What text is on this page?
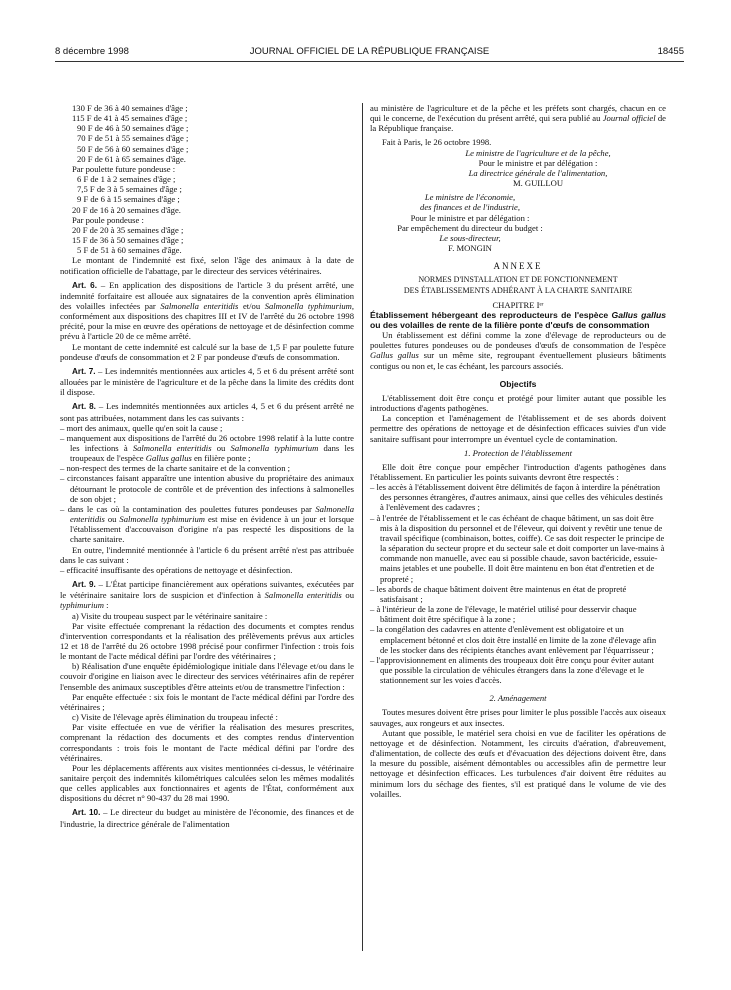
8 décembre 1998	JOURNAL OFFICIEL DE LA RÉPUBLIQUE FRANÇAISE	18455

130 F de 36 à 40 semaines d'âge ;

115 F de 41 à 45 semaines d'âge ;

90 F de 46 à 50 semaines d'âge ;

70 F de 51 à 55 semaines d'âge ;

50 F de 56 à 60 semaines d'âge ;

20 F de 61 à 65 semaines d'âge.

Par poulette future pondeuse :

6 F de 1 à 2 semaines d'âge ;

7,5 F de 3 à 5 semaines d'âge ;

9 F de 6 à 15 semaines d'âge ;

20 F de 16 à 20 semaines d'âge.

Par poule pondeuse :

20 F de 20 à 35 semaines d'âge ;

15 F de 36 à 50 semaines d'âge ;

5 F de 51 à 60 semaines d'âge.

Le montant de l'indemnité est fixé, selon l'âge des animaux à la date de notification officielle de l'abattage, par le directeur des services vétérinaires.

Art. 6. – En application des dispositions de l'article 3 du présent arrêté, une indemnité forfaitaire est allouée aux signataires de la convention après élimination des volailles infectées par Salmonella enteritidis et/ou Salmonella typhimurium, conformément aux dispositions des chapitres III et IV de l'arrêté du 26 octobre 1998 précité, pour la mise en œuvre des opérations de nettoyage et de désinfection comme prévu à l'article 20 de ce même arrêté.

Le montant de cette indemnité est calculé sur la base de 1,5 F par poulette future pondeuse d'œufs de consommation et 2 F par pondeuse d'œufs de consommation.

Art. 7. – Les indemnités mentionnées aux articles 4, 5 et 6 du présent arrêté sont allouées par le ministère de l'agriculture et de la pêche dans la limite des crédits dont il dispose.

Art. 8. – Les indemnités mentionnées aux articles 4, 5 et 6 du présent arrêté ne sont pas attribuées, notamment dans les cas suivants :

– mort des animaux, quelle qu'en soit la cause ;

– manquement aux dispositions de l'arrêté du 26 octobre 1998 relatif à la lutte contre les infections à Salmonella enteritidis ou Salmonella typhimurium dans les troupeaux de l'espèce Gallus gallus en filière ponte ;

– non-respect des termes de la charte sanitaire et de la convention ;

– circonstances faisant apparaître une intention abusive du propriétaire des animaux détournant le protocole de contrôle et de prévention des infections à salmonelles de son objet ;

– dans le cas où la contamination des poulettes futures pondeuses par Salmonella enteritidis ou Salmonella typhimurium est mise en évidence à un jour et lorsque l'établissement d'accouvaison d'origine n'a pas respecté les dispositions de la charte sanitaire.

En outre, l'indemnité mentionnée à l'article 6 du présent arrêté n'est pas attribuée dans le cas suivant :

– efficacité insuffisante des opérations de nettoyage et désinfection.

Art. 9. – L'État participe financièrement aux opérations suivantes, exécutées par le vétérinaire sanitaire lors de suspicion et d'infection à Salmonella enteritidis ou typhimurium :

a) Visite du troupeau suspect par le vétérinaire sanitaire :

Par visite effectuée comprenant la rédaction des documents et comptes rendus d'intervention correspondants et la réalisation des prélèvements prévus aux articles 12 et 18 de l'arrêté du 26 octobre 1998 précisé pour confirmer l'infection : trois fois le montant de l'acte médical défini par l'ordre des vétérinaires ;

b) Réalisation d'une enquête épidémiologique initiale dans l'élevage et/ou dans le couvoir d'origine en liaison avec le directeur des services vétérinaires afin de repérer l'ensemble des animaux susceptibles d'être atteints et/ou de transmettre l'infection :

Par enquête effectuée : six fois le montant de l'acte médical défini par l'ordre des vétérinaires ;

c) Visite de l'élevage après élimination du troupeau infecté :

Par visite effectuée en vue de vérifier la réalisation des mesures prescrites, comprenant la rédaction des documents et des comptes rendus d'intervention correspondants : trois fois le montant de l'acte médical défini par l'ordre des vétérinaires.

Pour les déplacements afférents aux visites mentionnées ci-dessus, le vétérinaire sanitaire perçoit des indemnités kilométriques calculées selon les mêmes modalités que celles applicables aux fonctionnaires et agents de l'État, conformément aux dispositions du décret n° 90-437 du 28 mai 1990.

Art. 10. – Le directeur du budget au ministère de l'économie, des finances et de l'industrie, la directrice générale de l'alimentation

au ministère de l'agriculture et de la pêche et les préfets sont chargés, chacun en ce qui le concerne, de l'exécution du présent arrêté, qui sera publié au Journal officiel de la République française.

Fait à Paris, le 26 octobre 1998.

Le ministre de l'agriculture et de la pêche,

Pour le ministre et par délégation :

La directrice générale de l'alimentation,

M. GUILLOU

Le ministre de l'économie,

des finances et de l'industrie,

Pour le ministre et par délégation :

Par empêchement du directeur du budget :

Le sous-directeur,

F. MONGIN

ANNEXE

NORMES D'INSTALLATION ET DE FONCTIONNEMENT

DES ÉTABLISSEMENTS ADHÉRANT À LA CHARTE SANITAIRE

CHAPITRE Iᵉʳ

Établissement hébergeant des reproducteurs de l'espèce Gallus gallus ou des volailles de rente de la filière ponte d'œufs de consommation

Un établissement est défini comme la zone d'élevage de reproducteurs ou de poulettes futures pondeuses ou de pondeuses d'œufs de consommation de l'espèce Gallus gallus sur un même site, regroupant éventuellement plusieurs bâtiments contigus ou non et, le cas échéant, les parcours associés.

Objectifs

L'établissement doit être conçu et protégé pour limiter autant que possible les introductions d'agents pathogènes.

La conception et l'aménagement de l'établissement et de ses abords doivent permettre des opérations de nettoyage et de désinfection efficaces suivies d'un vide sanitaire suffisant pour interrompre un éventuel cycle de contamination.

1. Protection de l'établissement

Elle doit être conçue pour empêcher l'introduction d'agents pathogènes dans l'établissement. En particulier les points suivants devront être respectés :

– les accès à l'établissement doivent être délimités de façon à interdire la pénétration des personnes étrangères, d'autres animaux, ainsi que celles des véhicules destinés à l'enlèvement des cadavres ;

– à l'entrée de l'établissement et le cas échéant de chaque bâtiment, un sas doit être mis à la disposition du personnel et de l'éleveur, qui doivent y revêtir une tenue de travail spécifique (combinaison, bottes, coiffe). Ce sas doit respecter le principe de la séparation du secteur propre et du secteur sale et doit comporter un lave-mains à commande non manuelle, avec eau si possible chaude, savon bactéricide, essuie-mains jetables et une poubelle. Il doit être maintenu en bon état d'entretien et de propreté ;

– les abords de chaque bâtiment doivent être maintenus en état de propreté satisfaisant ;

– à l'intérieur de la zone de l'élevage, le matériel utilisé pour desservir chaque bâtiment doit être spécifique à la zone ;

– la congélation des cadavres en attente d'enlèvement est obligatoire et un emplacement bétonné et clos doit être installé en limite de la zone d'élevage afin de les stocker dans des récipients étanches avant enlèvement par l'équarrisseur ;

– l'approvisionnement en aliments des troupeaux doit être conçu pour éviter autant que possible la circulation de véhicules étrangers dans la zone d'élevage et le stationnement sur les voies d'accès.

2. Aménagement

Toutes mesures doivent être prises pour limiter le plus possible l'accès aux oiseaux sauvages, aux rongeurs et aux insectes.

Autant que possible, le matériel sera choisi en vue de faciliter les opérations de nettoyage et de désinfection. Notamment, les circuits d'aération, d'abreuvement, d'alimentation, de collecte des œufs et d'évacuation des déjections doivent être, dans la mesure du possible, aisément démontables ou accessibles afin de permettre leur nettoyage et désinfection efficaces. Les turbulences d'air doivent être réduites au minimum lors du séchage des fientes, s'il est pratiqué dans le volume de vie des volailles.
